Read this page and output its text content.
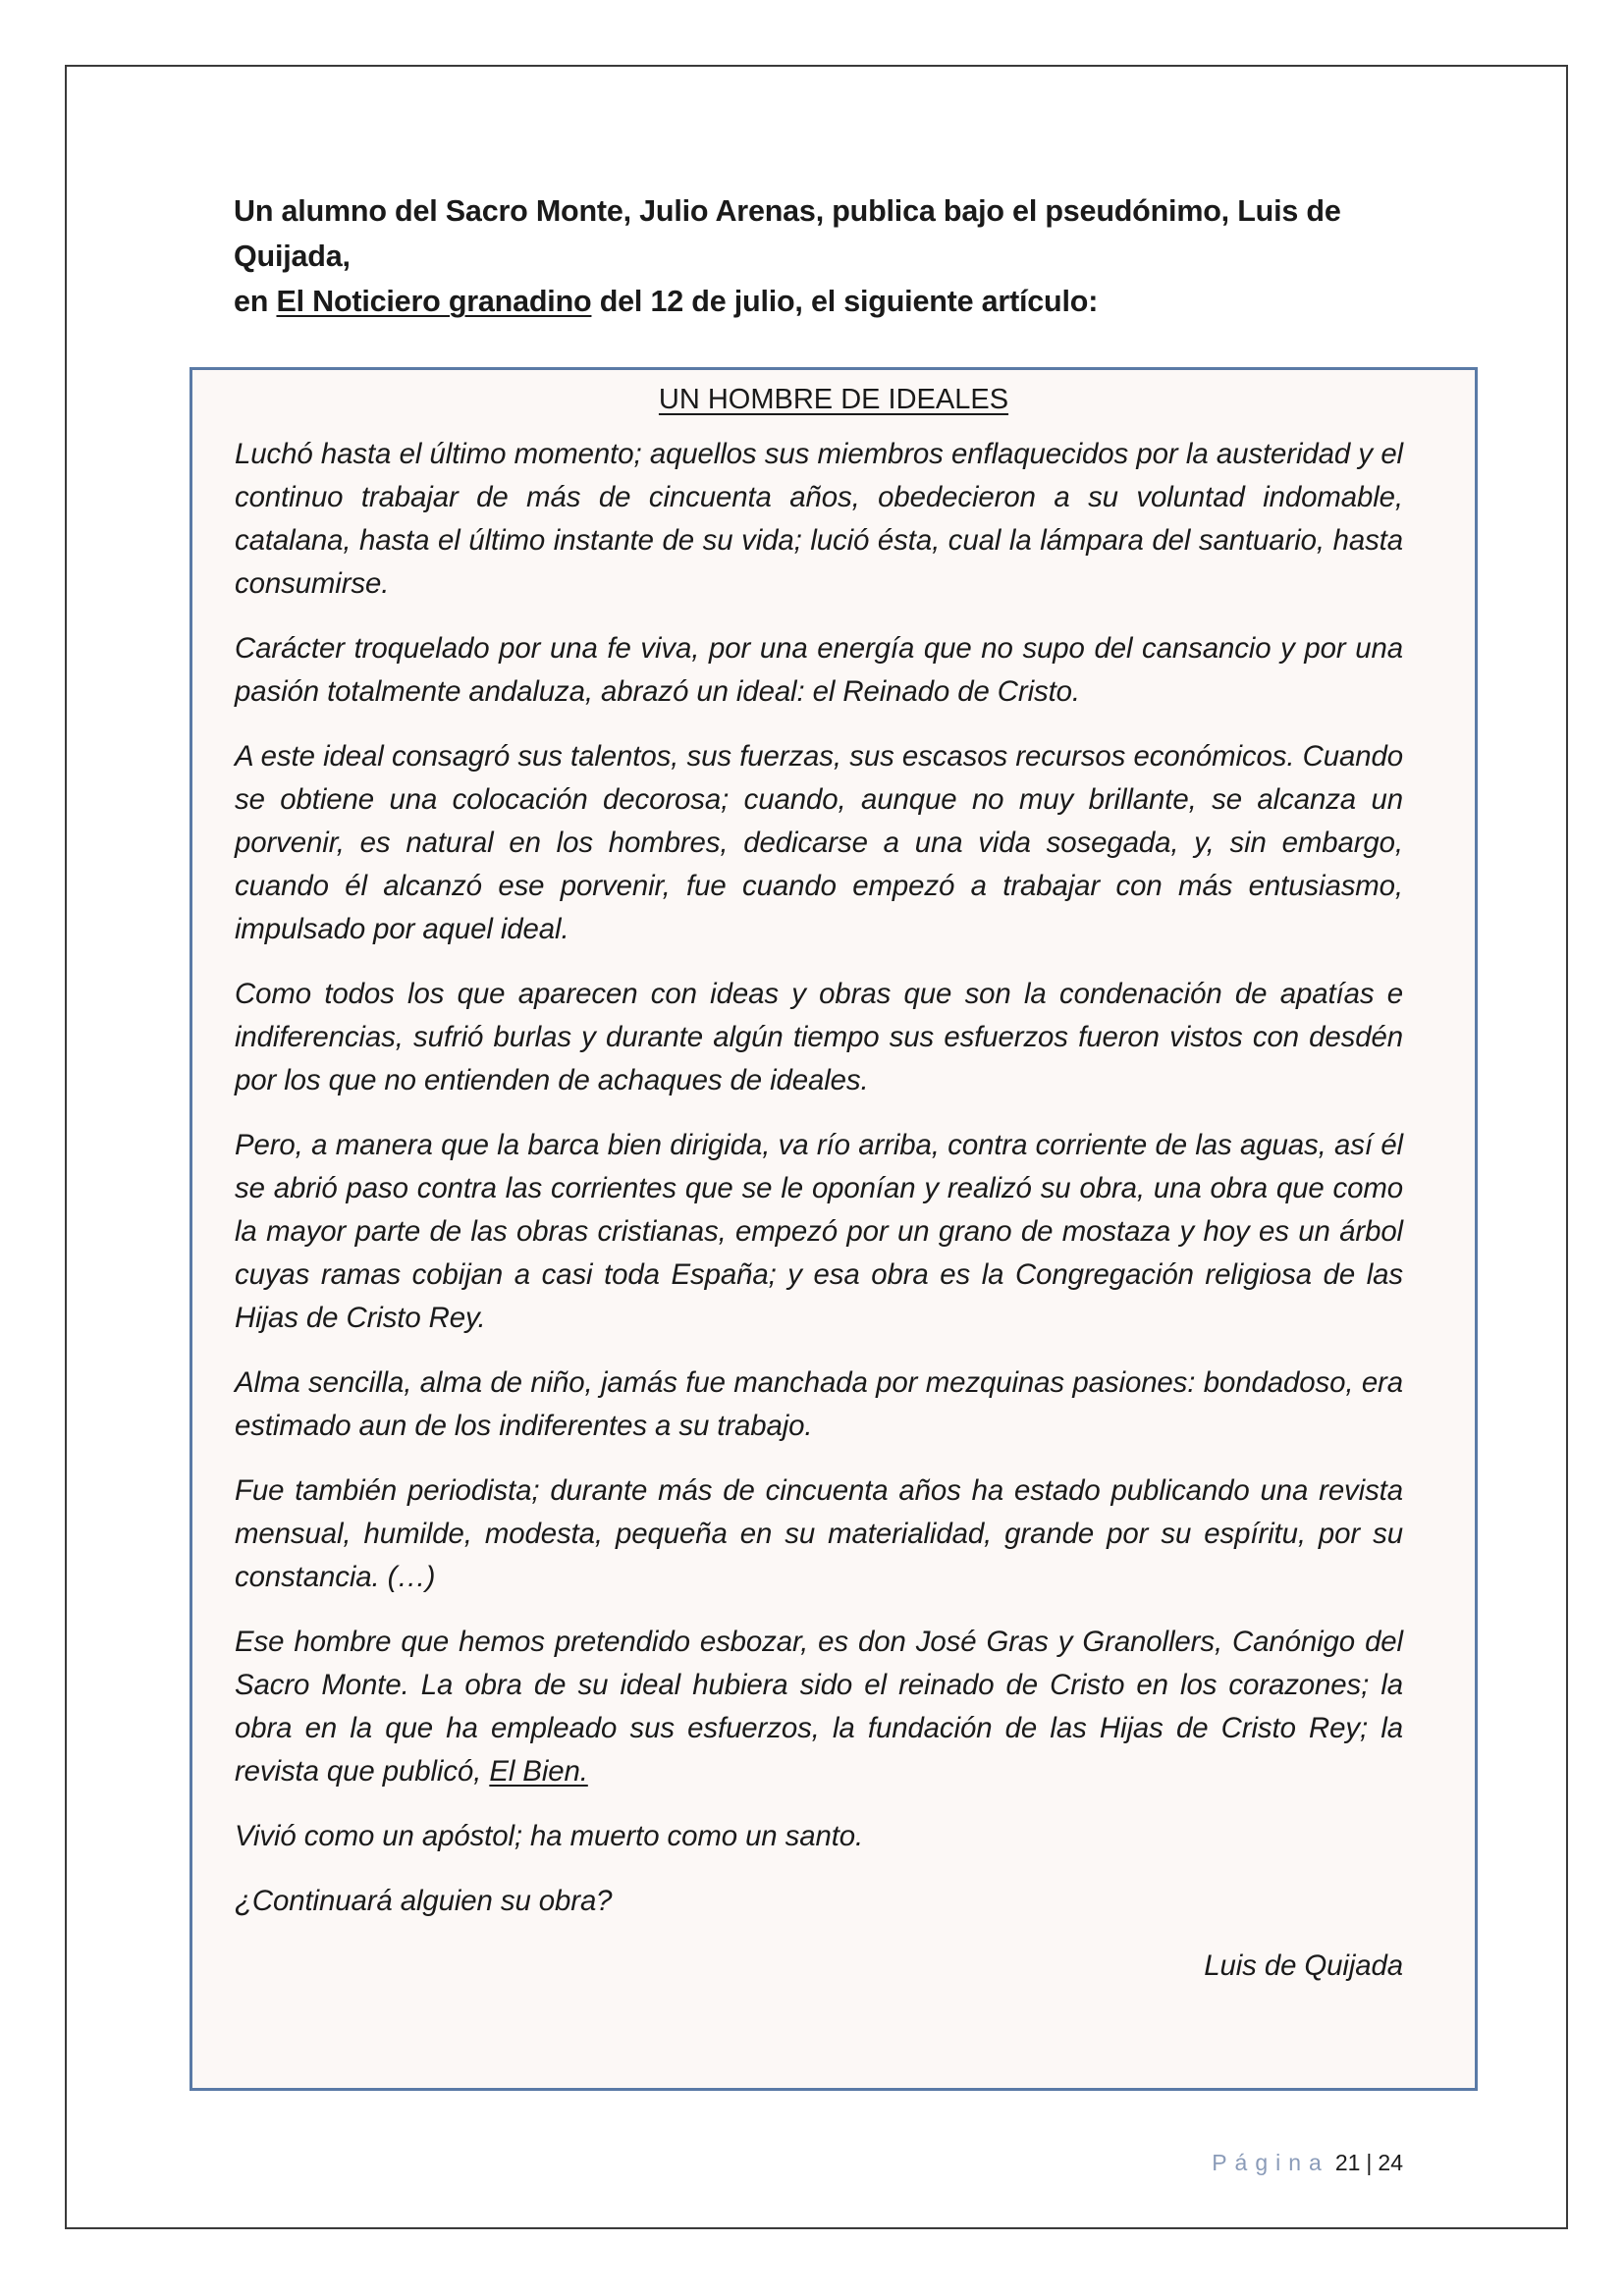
Un alumno del Sacro Monte, Julio Arenas, publica bajo el pseudónimo, Luis de Quijada,
en El Noticiero granadino del 12 de julio, el siguiente artículo:
UN HOMBRE DE IDEALES

Luchó hasta el último momento; aquellos sus miembros enflaquecidos por la austeridad y el continuo trabajar de más de cincuenta años, obedecieron a su voluntad indomable, catalana, hasta el último instante de su vida; lució ésta, cual la lámpara del santuario, hasta consumirse.

Carácter troquelado por una fe viva, por una energía que no supo del cansancio y por una pasión totalmente andaluza, abrazó un ideal: el Reinado de Cristo.

A este ideal consagró sus talentos, sus fuerzas, sus escasos recursos económicos. Cuando se obtiene una colocación decorosa; cuando, aunque no muy brillante, se alcanza un porvenir, es natural en los hombres, dedicarse a una vida sosegada, y, sin embargo, cuando él alcanzó ese porvenir, fue cuando empezó a trabajar con más entusiasmo, impulsado por aquel ideal.

Como todos los que aparecen con ideas y obras que son la condenación de apatías e indiferencias, sufrió burlas y durante algún tiempo sus esfuerzos fueron vistos con desdén por los que no entienden de achaques de ideales.

Pero, a manera que la barca bien dirigida, va río arriba, contra corriente de las aguas, así él se abrió paso contra las corrientes que se le oponían y realizó su obra, una obra que como la mayor parte de las obras cristianas, empezó por un grano de mostaza y hoy es un árbol cuyas ramas cobijan a casi toda España; y esa obra es la Congregación religiosa de las Hijas de Cristo Rey.

Alma sencilla, alma de niño, jamás fue manchada por mezquinas pasiones: bondadoso, era estimado aun de los indiferentes a su trabajo.

Fue también periodista; durante más de cincuenta años ha estado publicando una revista mensual, humilde, modesta, pequeña en su materialidad, grande por su espíritu, por su constancia. (…)

Ese hombre que hemos pretendido esbozar, es don José Gras y Granollers, Canónigo del Sacro Monte. La obra de su ideal hubiera sido el reinado de Cristo en los corazones; la obra en la que ha empleado sus esfuerzos, la fundación de las Hijas de Cristo Rey; la revista que publicó, El Bien.

Vivió como un apóstol; ha muerto como un santo.

¿Continuará alguien su obra?

Luis de Quijada

Página 21 | 24
